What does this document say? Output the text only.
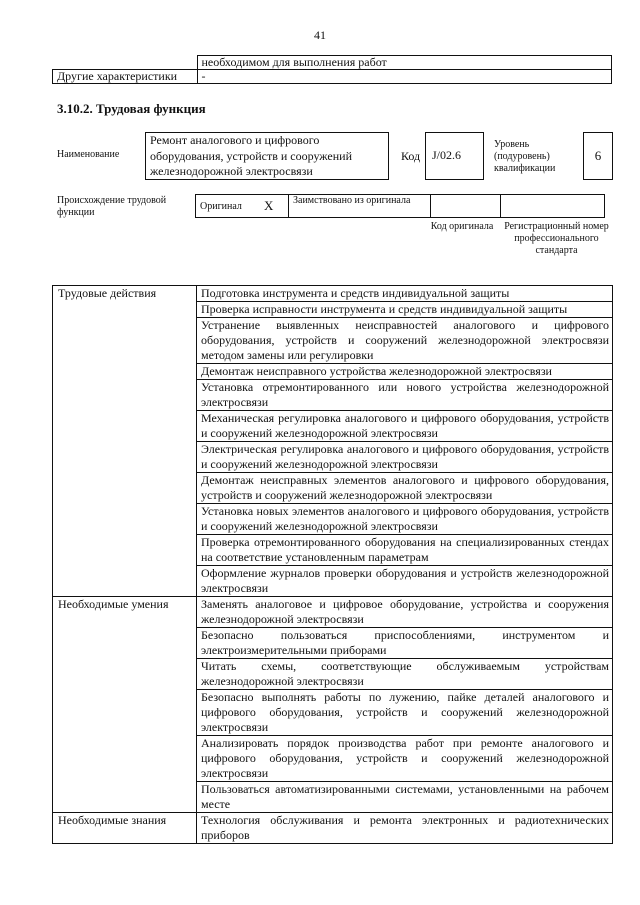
41
	необходимом для выполнения работ
Другие характеристики	-
3.10.2. Трудовая функция
Наименование
Ремонт аналогового и цифрового оборудования, устройств и сооружений железнодорожной электросвязи
Код J/02.6
Уровень (подуровень) квалификации
6
Происхождение трудовой функции
Оригинал	X	Заимствовано из оригинала		
Код оригинала	Регистрационный номер профессионального стандарта
Трудовые действия	Подготовка инструмента и средств индивидуальной защиты
	Проверка исправности инструмента и средств индивидуальной защиты
	Устранение выявленных неисправностей аналогового и цифрового оборудования, устройств и сооружений железнодорожной электросвязи методом замены или регулировки
	Демонтаж неисправного устройства железнодорожной электросвязи
	Установка отремонтированного или нового устройства железнодорожной электросвязи
	Механическая регулировка аналогового и цифрового оборудования, устройств и сооружений железнодорожной электросвязи
	Электрическая регулировка аналогового и цифрового оборудования, устройств и сооружений железнодорожной электросвязи
	Демонтаж неисправных элементов аналогового и цифрового оборудования, устройств и сооружений железнодорожной электросвязи
	Установка новых элементов аналогового и цифрового оборудования, устройств и сооружений железнодорожной электросвязи
	Проверка отремонтированного оборудования на специализированных стендах на соответствие установленным параметрам
	Оформление журналов проверки оборудования и устройств железнодорожной электросвязи
Необходимые умения	Заменять аналоговое и цифровое оборудование, устройства и сооружения железнодорожной электросвязи
	Безопасно пользоваться приспособлениями, инструментом и электроизмерительными приборами
	Читать схемы, соответствующие обслуживаемым устройствам железнодорожной электросвязи
	Безопасно выполнять работы по лужению, пайке деталей аналогового и цифрового оборудования, устройств и сооружений железнодорожной электросвязи
	Анализировать порядок производства работ при ремонте аналогового и цифрового оборудования, устройств и сооружений железнодорожной электросвязи
	Пользоваться автоматизированными системами, установленными на рабочем месте
Необходимые знания	Технология обслуживания и ремонта электронных и радиотехнических приборов
